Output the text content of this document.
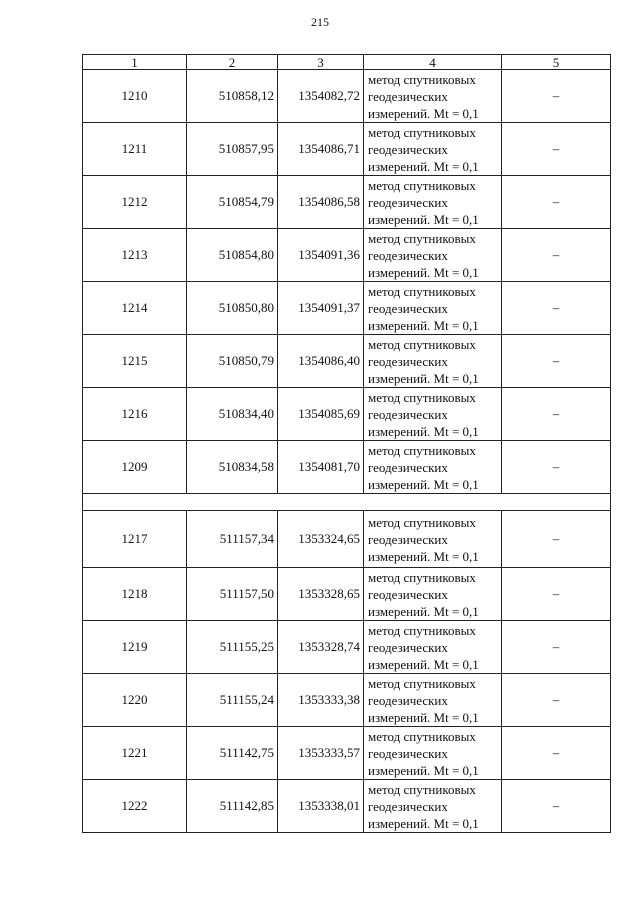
215
1	2	3	4	5
1210	510858,12	1354082,72	метод спутниковых
геодезических
измерений. Mt = 0,1	–
1211	510857,95	1354086,71	метод спутниковых
геодезических
измерений. Mt = 0,1	–
1212	510854,79	1354086,58	метод спутниковых
геодезических
измерений. Mt = 0,1	–
1213	510854,80	1354091,36	метод спутниковых
геодезических
измерений. Mt = 0,1	–
1214	510850,80	1354091,37	метод спутниковых
геодезических
измерений. Mt = 0,1	–
1215	510850,79	1354086,40	метод спутниковых
геодезических
измерений. Mt = 0,1	–
1216	510834,40	1354085,69	метод спутниковых
геодезических
измерений. Mt = 0,1	–
1209	510834,58	1354081,70	метод спутниковых
геодезических
измерений. Mt = 0,1	–

1217	511157,34	1353324,65	метод спутниковых
геодезических
измерений. Mt = 0,1	–
1218	511157,50	1353328,65	метод спутниковых
геодезических
измерений. Mt = 0,1	–
1219	511155,25	1353328,74	метод спутниковых
геодезических
измерений. Mt = 0,1	–
1220	511155,24	1353333,38	метод спутниковых
геодезических
измерений. Mt = 0,1	–
1221	511142,75	1353333,57	метод спутниковых
геодезических
измерений. Mt = 0,1	–
1222	511142,85	1353338,01	метод спутниковых
геодезических
измерений. Mt = 0,1	–
